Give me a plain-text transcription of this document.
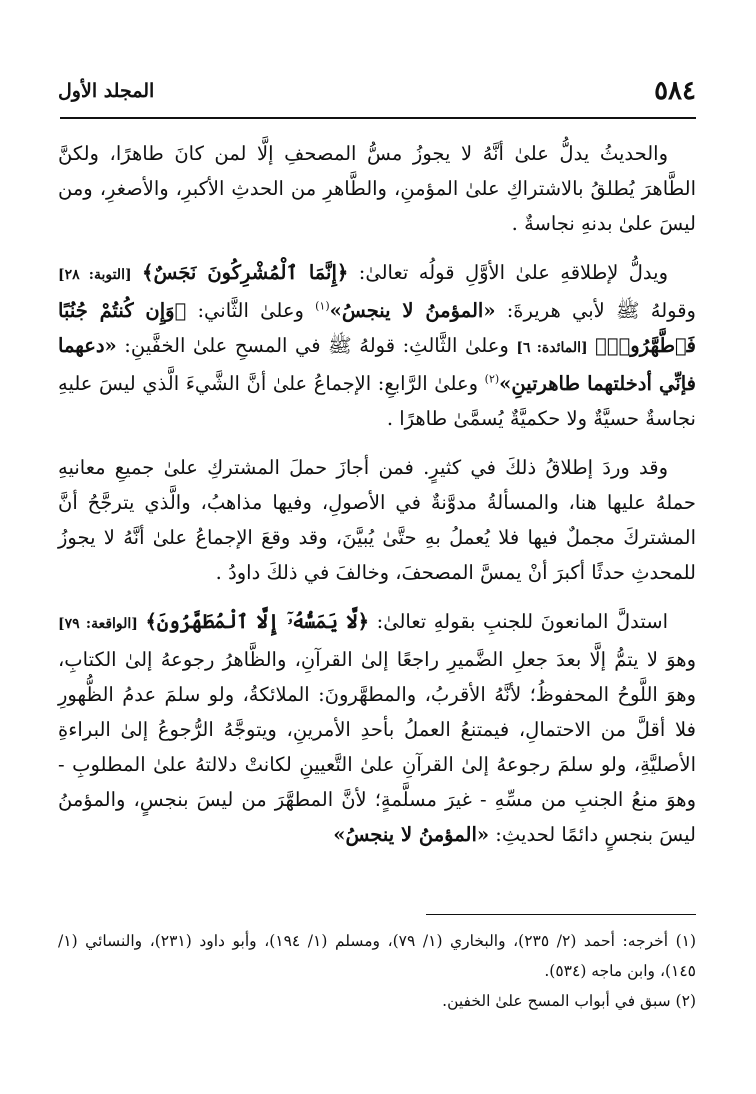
٥٨٤
المجلد الأول

والحديثُ يدلُّ علىٰ أنَّهُ لا يجوزُ مسُّ المصحفِ إلَّا لمن كانَ طاهرًا، ولكنَّ الطَّاهرَ يُطلقُ بالاشتراكِ علىٰ المؤمنِ، والطَّاهرِ من الحدثِ الأكبرِ، والأصغرِ، ومن ليسَ علىٰ بدنهِ نجاسةٌ .

ويدلُّ لإطلاقهِ علىٰ الأوَّلِ قولُه تعالىٰ: ﴿إِنَّمَا ٱلْمُشْرِكُونَ نَجَسٌ﴾ [التوبة: ٢٨] وقولهُ ﷺ لأبي هريرةَ: «المؤمنُ لا ينجسُ»$^{(١)}$ وعلىٰ الثَّاني: ﴿وَإِن كُنتُمْ جُنُبًا فَٱطَّهَّرُوا۟﴾ [المائدة: ٦] وعلىٰ الثَّالثِ: قولهُ ﷺ في المسحِ علىٰ الخفَّينِ: «دعهما فإنِّي أدخلتهما طاهرتينِ»$^{(٢)}$ وعلىٰ الرَّابعِ: الإجماعُ علىٰ أنَّ الشَّيءَ الَّذي ليسَ عليهِ نجاسةٌ حسيَّةٌ ولا حكميَّةٌ يُسمَّىٰ طاهرًا .

وقد وردَ إطلاقُ ذلكَ في كثيرٍ. فمن أجازَ حملَ المشتركِ علىٰ جميعِ معانيهِ حملهُ عليها هنا، والمسألةُ مدوَّنةٌ في الأصولِ، وفيها مذاهبُ، والَّذي يترجَّحُ أنَّ المشتركَ مجملٌ فيها فلا يُعملُ بهِ حتَّىٰ يُبيَّنَ، وقد وقعَ الإجماعُ علىٰ أنَّهُ لا يجوزُ للمحدثِ حدثًا أكبرَ أنْ يمسَّ المصحفَ، وخالفَ في ذلكَ داودُ .

استدلَّ المانعونَ للجنبِ بقولهِ تعالىٰ: ﴿لَّا يَمَسُّهُۥٓ إِلَّا ٱلْمُطَهَّرُونَ﴾ [الواقعة: ٧٩] وهوَ لا يتمُّ إلَّا بعدَ جعلِ الضَّميرِ راجعًا إلىٰ القرآنِ، والظَّاهرُ رجوعهُ إلىٰ الكتابِ، وهوَ اللَّوحُ المحفوظُ؛ لأنَّهُ الأقربُ، والمطهَّرونَ: الملائكةُ، ولو سلمَ عدمُ الظُّهورِ فلا أقلَّ من الاحتمالِ، فيمتنعُ العملُ بأحدِ الأمرينِ، ويتوجَّهُ الرُّجوعُ إلىٰ البراءةِ الأصليَّةِ، ولو سلمَ رجوعهُ إلىٰ القرآنِ علىٰ التَّعيينِ لكانتْ دلالتهُ علىٰ المطلوبِ - وهوَ منعُ الجنبِ من مسِّهِ - غيرَ مسلَّمةٍ؛ لأنَّ المطهَّرَ من ليسَ بنجسٍ، والمؤمنُ ليسَ بنجسٍ دائمًا لحديثِ: «المؤمنُ لا ينجسُ»

(١) أخرجه: أحمد (٢/ ٢٣٥)، والبخاري (١/ ٧٩)، ومسلم (١/ ١٩٤)، وأبو داود (٢٣١)، والنسائي (١/ ١٤٥)، وابن ماجه (٥٣٤).

(٢) سبق في أبواب المسح علىٰ الخفين.
